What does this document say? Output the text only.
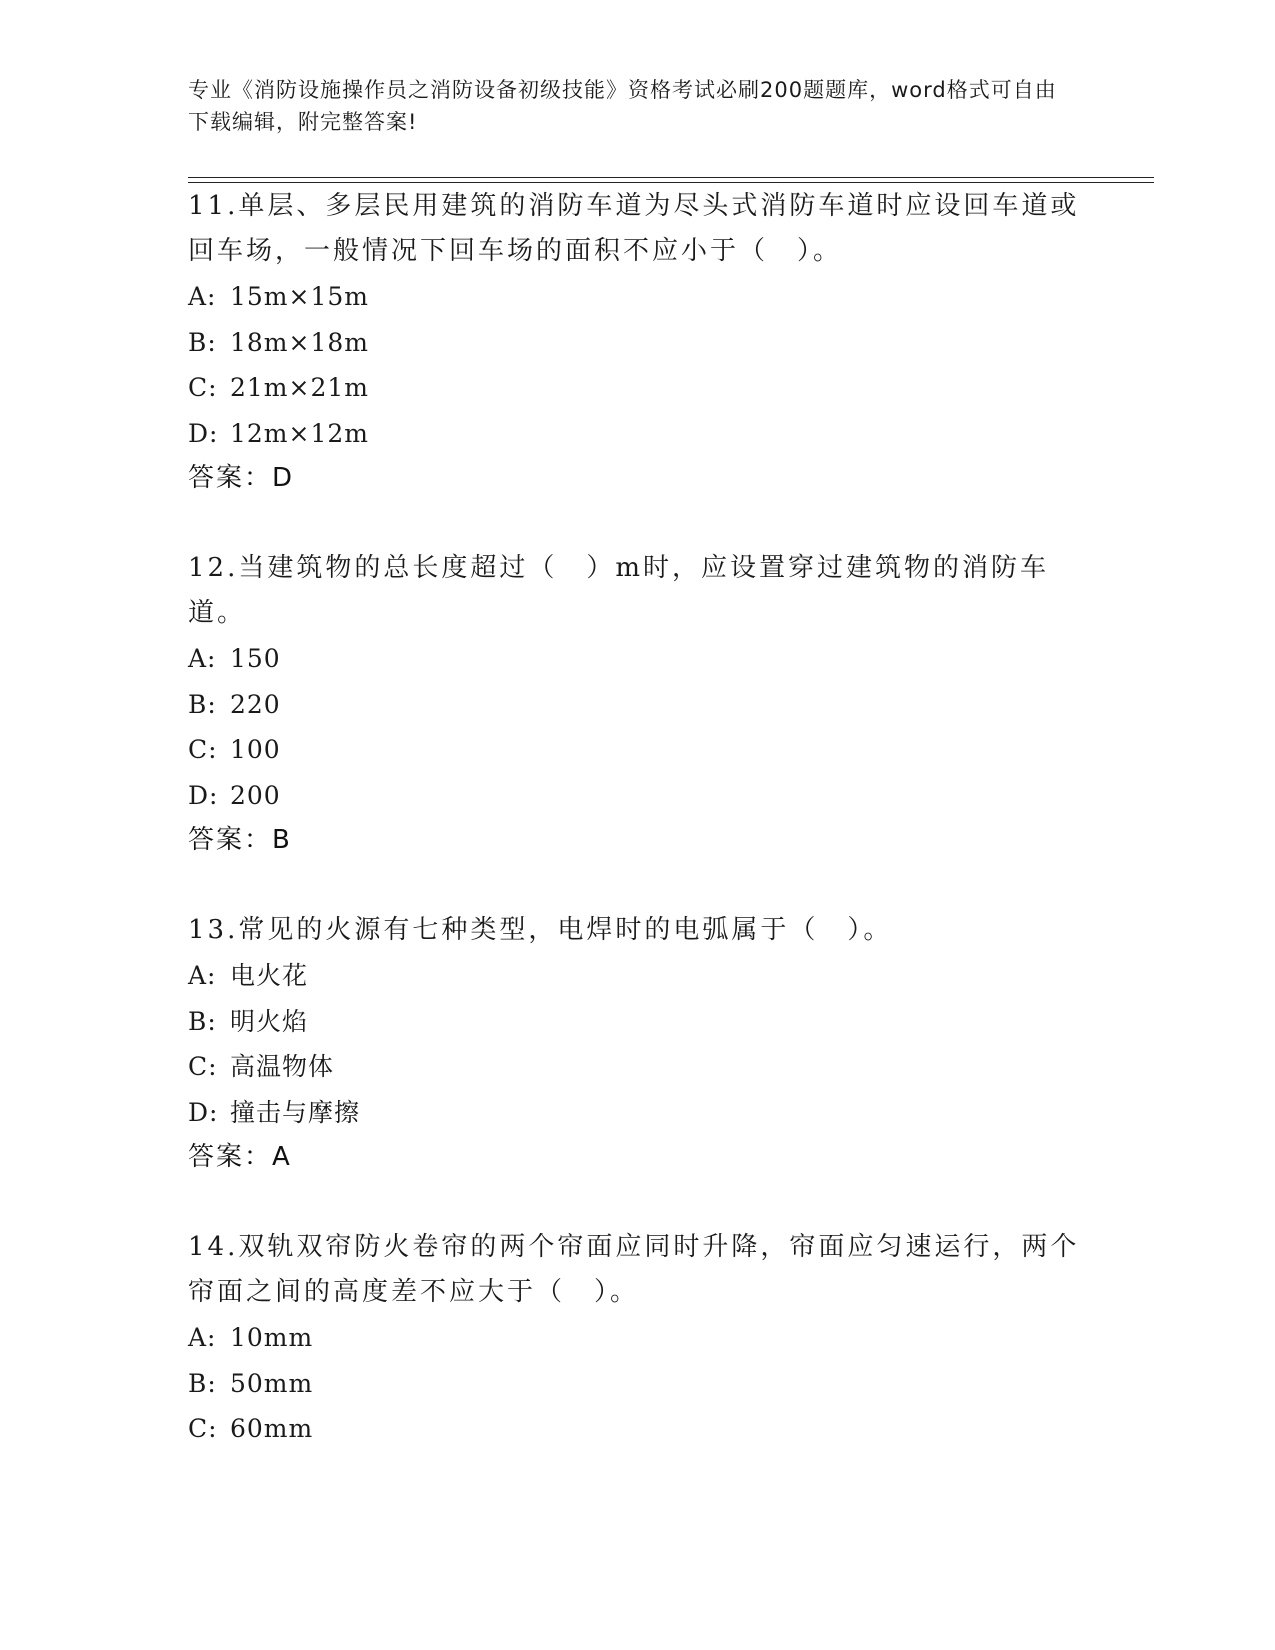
专业《消防设施操作员之消防设备初级技能》资格考试必刷200题题库，word格式可自由下载编辑，附完整答案!

11.单层、多层民用建筑的消防车道为尽头式消防车道时应设回车道或回车场，一般情况下回车场的面积不应小于（　）。

A: 15m×15m

B: 18m×18m

C: 21m×21m

D: 12m×12m

答案：D

12.当建筑物的总长度超过（　）m时，应设置穿过建筑物的消防车道。

A: 150

B: 220

C: 100

D: 200

答案：B

13.常见的火源有七种类型，电焊时的电弧属于（　）。

A: 电火花

B: 明火焰

C: 高温物体

D: 撞击与摩擦

答案：A

14.双轨双帘防火卷帘的两个帘面应同时升降，帘面应匀速运行，两个帘面之间的高度差不应大于（　）。

A: 10mm

B: 50mm

C: 60mm
